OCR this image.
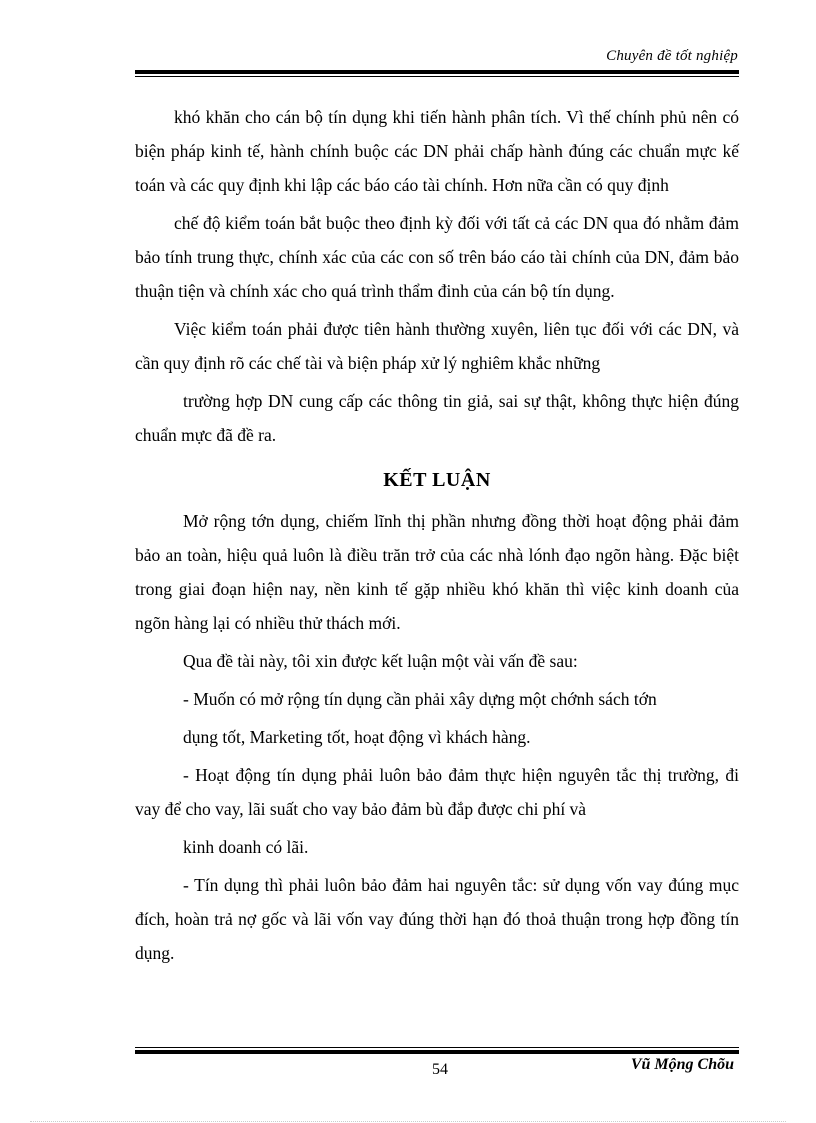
Chuyên đề tốt nghiệp

khó khăn cho cán bộ tín dụng khi tiến hành phân tích. Vì thế chính phủ nên có biện pháp kinh tế, hành chính buộc các DN phải chấp hành đúng các chuẩn mực kế toán và các quy định khi lập các báo cáo tài chính. Hơn nữa cần có quy định

chế độ kiểm toán bắt buộc theo định kỳ đối với tất cả các DN qua đó nhằm đảm bảo tính trung thực, chính xác của các con số trên báo cáo tài chính của DN, đảm bảo thuận tiện và chính xác cho quá trình thẩm đinh của cán bộ tín dụng.

Việc kiểm toán phải được tiên hành thường xuyên, liên tục đối với các DN, và cần quy định rõ các chế tài và biện pháp xử lý nghiêm khắc những

trường hợp DN cung cấp các thông tin giả, sai sự thật, không thực hiện đúng chuẩn mực đã đề ra.

KẾT LUẬN

Mở rộng tớn dụng, chiếm lĩnh thị phần nhưng đồng thời hoạt động phải đảm bảo an toàn, hiệu quả luôn là điều trăn trở của các nhà lónh đạo ngõn hàng. Đặc biệt trong giai đoạn hiện nay, nền kinh tế gặp nhiều khó khăn thì việc kinh doanh của ngõn hàng lại có nhiều thử thách mới.

Qua đề tài này, tôi xin được kết luận một vài vấn đề sau:

- Muốn có mở rộng tín dụng cần phải xây dựng một chớnh sách tớn

dụng tốt, Marketing tốt, hoạt động vì khách hàng.

- Hoạt động tín dụng phải luôn bảo đảm thực hiện nguyên tắc thị trường, đi vay để cho vay, lãi suất cho vay bảo đảm bù đắp được chi phí và

kinh doanh có lãi.

- Tín dụng thì phải luôn bảo đảm hai nguyên tắc: sử dụng vốn vay đúng mục đích, hoàn trả nợ gốc và lãi vốn vay đúng thời hạn đó thoả thuận trong hợp đồng tín dụng.

54	Vũ Mộng Chõu
